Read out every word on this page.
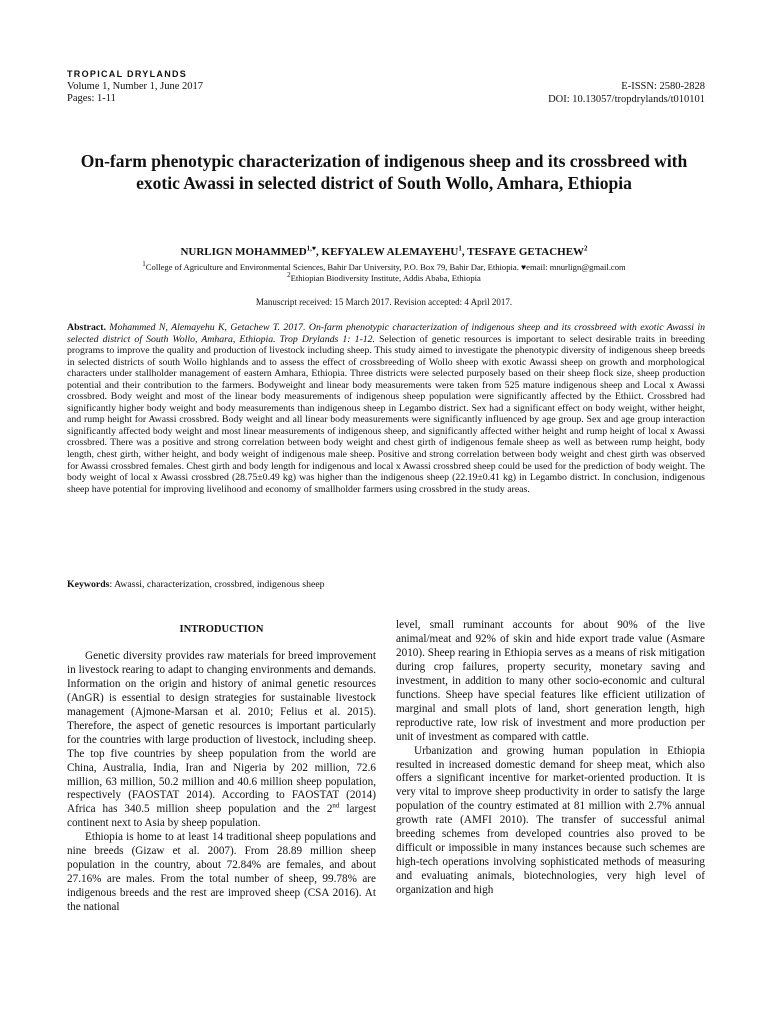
TROPICAL DRYLANDS
Volume 1, Number 1, June 2017
Pages: 1-11
E-ISSN: 2580-2828
DOI: 10.13057/tropdrylands/t010101
On-farm phenotypic characterization of indigenous sheep and its crossbreed with exotic Awassi in selected district of South Wollo, Amhara, Ethiopia
NURLIGN $MOHAMMED^{1,♥}$, KEFYALEW ALEMAYEHU$^1$, TESFAYE GETACHEW$^2$
$^1$College of Agriculture and Environmental Sciences, Bahir Dar University, P.O. Box 79, Bahir Dar, Ethiopia. ♥email: mnurlign@gmail.com
$^2$Ethiopian Biodiversity Institute, Addis Ababa, Ethiopia
Manuscript received: 15 March 2017. Revision accepted: 4 April 2017.
Abstract. Mohammed N, Alemayehu K, Getachew T. 2017. On-farm phenotypic characterization of indigenous sheep and its crossbreed with exotic Awassi in selected district of South Wollo, Amhara, Ethiopia. Trop Drylands 1: 1-12. Selection of genetic resources is important to select desirable traits in breeding programs to improve the quality and production of livestock including sheep. This study aimed to investigate the phenotypic diversity of indigenous sheep breeds in selected districts of south Wollo highlands and to assess the effect of crossbreeding of Wollo sheep with exotic Awassi sheep on growth and morphological characters under stallholder management of eastern Amhara, Ethiopia. Three districts were selected purposely based on their sheep flock size, sheep production potential and their contribution to the farmers. Bodyweight and linear body measurements were taken from 525 mature indigenous sheep and Local x Awassi crossbred. Body weight and most of the linear body measurements of indigenous sheep population were significantly affected by the Ethiict. Crossbred had significantly higher body weight and body measurements than indigenous sheep in Legambo district. Sex had a significant effect on body weight, wither height, and rump height for Awassi crossbred. Body weight and all linear body measurements were significantly influenced by age group. Sex and age group interaction significantly affected body weight and most linear measurements of indigenous sheep, and significantly affected wither height and rump height of local x Awassi crossbred. There was a positive and strong correlation between body weight and chest girth of indigenous female sheep as well as between rump height, body length, chest girth, wither height, and body weight of indigenous male sheep. Positive and strong correlation between body weight and chest girth was observed for Awassi crossbred females. Chest girth and body length for indigenous and local x Awassi crossbred sheep could be used for the prediction of body weight. The body weight of local x Awassi crossbred (28.75±0.49 kg) was higher than the indigenous sheep (22.19±0.41 kg) in Legambo district. In conclusion, indigenous sheep have potential for improving livelihood and economy of smallholder farmers using crossbred in the study areas.
Keywords: Awassi, characterization, crossbred, indigenous sheep
INTRODUCTION

Genetic diversity provides raw materials for breed improvement in livestock rearing to adapt to changing environments and demands. Information on the origin and history of animal genetic resources (AnGR) is essential to design strategies for sustainable livestock management (Ajmone-Marsan et al. 2010; Felius et al. 2015). Therefore, the aspect of genetic resources is important particularly for the countries with large production of livestock, including sheep. The top five countries by sheep population from the world are China, Australia, India, Iran and Nigeria by 202 million, 72.6 million, 63 million, 50.2 million and 40.6 million sheep population, respectively (FAOSTAT 2014). According to FAOSTAT (2014) Africa has 340.5 million sheep population and the 2nd largest continent next to Asia by sheep population.

Ethiopia is home to at least 14 traditional sheep populations and nine breeds (Gizaw et al. 2007). From 28.89 million sheep population in the country, about 72.84% are females, and about 27.16% are males. From the total number of sheep, 99.78% are indigenous breeds and the rest are improved sheep (CSA 2016). At the national

level, small ruminant accounts for about 90% of the live animal/meat and 92% of skin and hide export trade value (Asmare 2010). Sheep rearing in Ethiopia serves as a means of risk mitigation during crop failures, property security, monetary saving and investment, in addition to many other socio-economic and cultural functions. Sheep have special features like efficient utilization of marginal and small plots of land, short generation length, high reproductive rate, low risk of investment and more production per unit of investment as compared with cattle.

Urbanization and growing human population in Ethiopia resulted in increased domestic demand for sheep meat, which also offers a significant incentive for market-oriented production. It is very vital to improve sheep productivity in order to satisfy the large population of the country estimated at 81 million with 2.7% annual growth rate (AMFI 2010). The transfer of successful animal breeding schemes from developed countries also proved to be difficult or impossible in many instances because such schemes are high-tech operations involving sophisticated methods of measuring and evaluating animals, biotechnologies, very high level of organization and high
